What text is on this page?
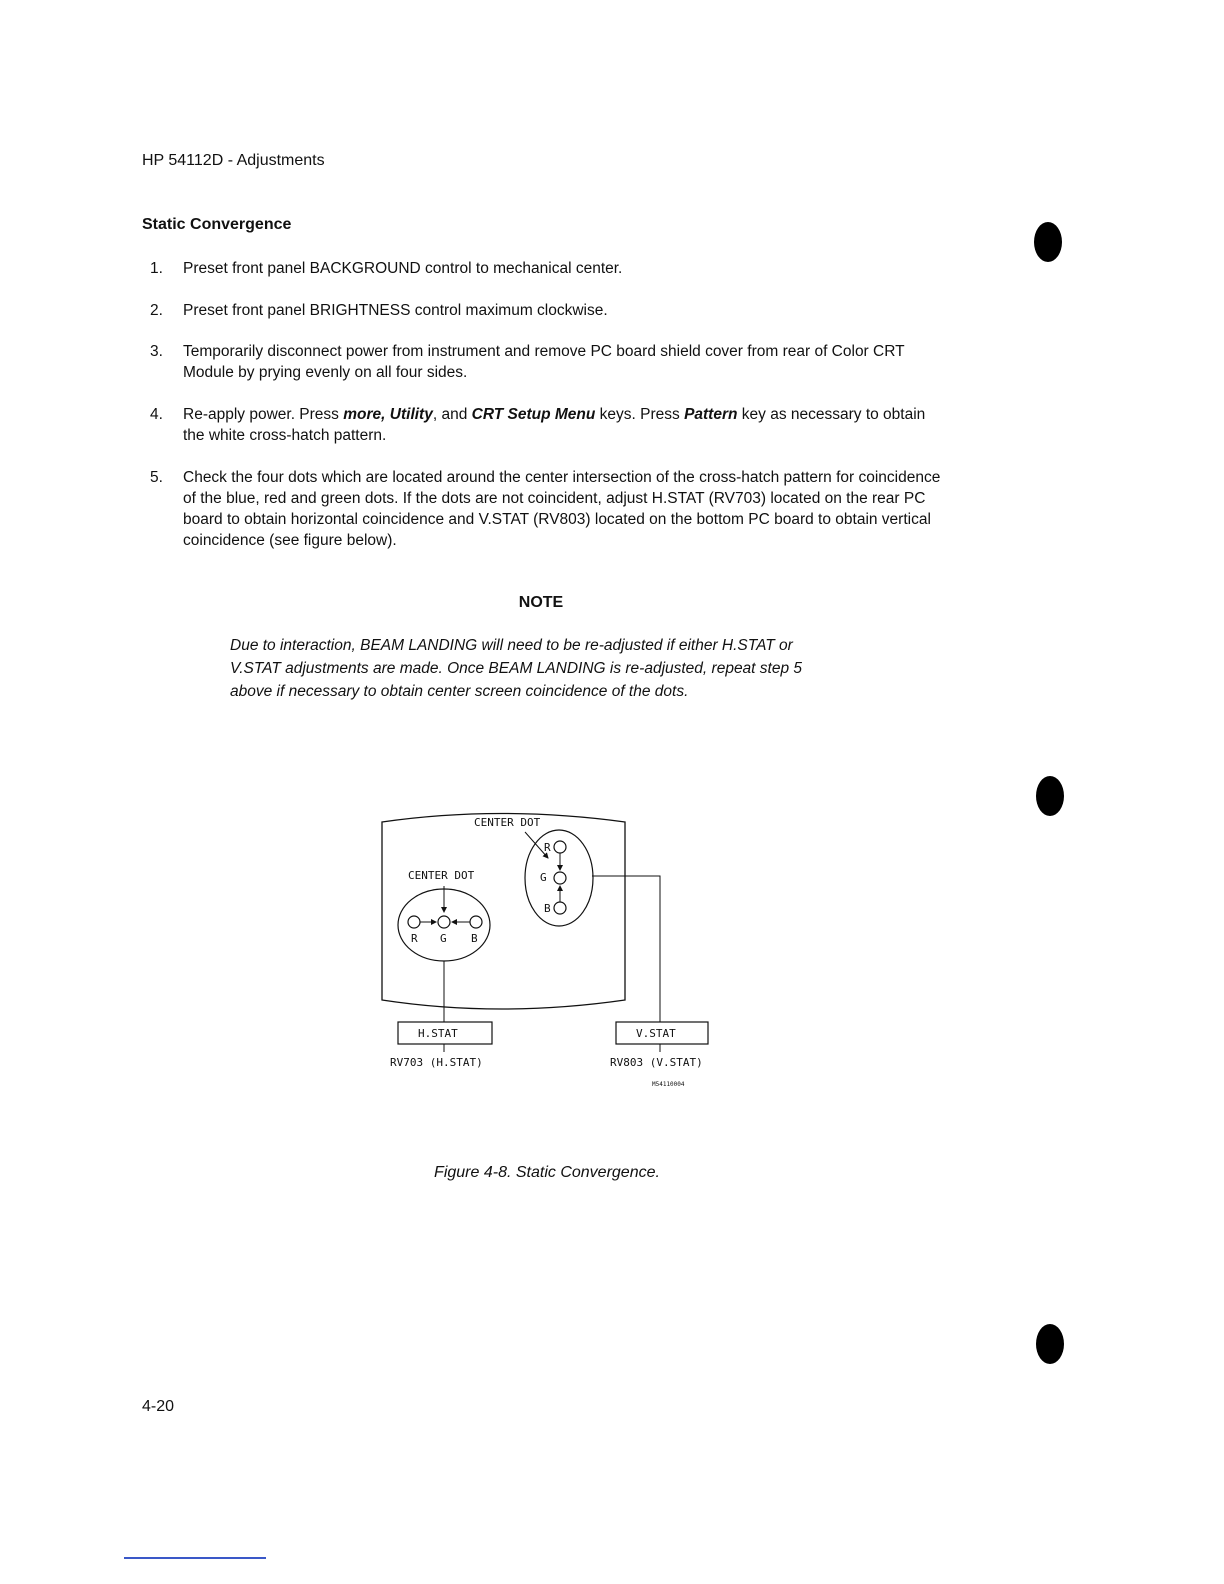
HP 54112D - Adjustments
Static Convergence
1.	Preset front panel BACKGROUND control to mechanical center.
2.	Preset front panel BRIGHTNESS control maximum clockwise.
3.	Temporarily disconnect power from instrument and remove PC board shield cover from rear of Color CRT Module by prying evenly on all four sides.
4.	Re-apply power. Press more, Utility, and CRT Setup Menu keys. Press Pattern key as necessary to obtain the white cross-hatch pattern.
5.	Check the four dots which are located around the center intersection of the cross-hatch pattern for coincidence of the blue, red and green dots. If the dots are not coincident, adjust H.STAT (RV703) located on the rear PC board to obtain horizontal coincidence and V.STAT (RV803) located on the bottom PC board to obtain vertical coincidence (see figure below).
NOTE
Due to interaction, BEAM LANDING will need to be re-adjusted if either H.STAT or V.STAT adjustments are made. Once BEAM LANDING is re-adjusted, repeat step 5 above if necessary to obtain center screen coincidence of the dots.
CENTER DOT
R
G
B
CENTER DOT
R G B
H.STAT
RV703 (H.STAT)
V.STAT
RV803 (V.STAT)
M54110004
Figure 4-8. Static Convergence.
4-20
